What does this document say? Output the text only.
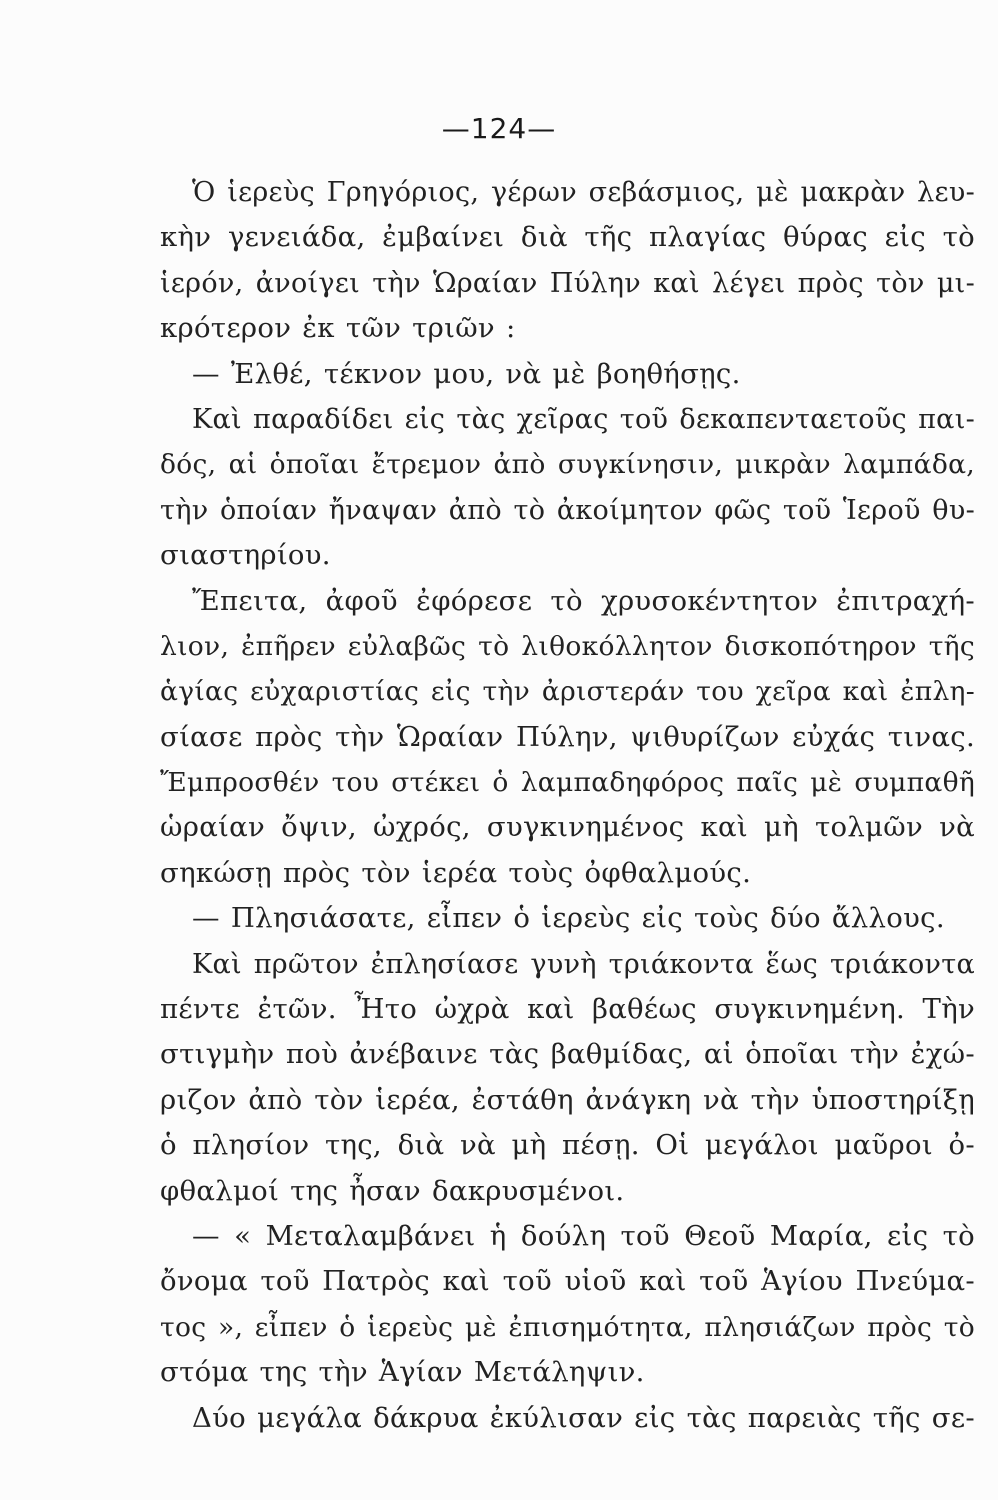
—124—
Ὁ ἱερεὺς Γρηγόριος, γέρων σεβάσμιος, μὲ μακρὰν λευ-
κὴν γενειάδα, ἐμβαίνει διὰ τῆς πλαγίας θύρας εἰς τὸ
ἱερόν, ἀνοίγει τὴν Ὡραίαν Πύλην καὶ λέγει πρὸς τὸν μι-
κρότερον ἐκ τῶν τριῶν :
— Ἐλθέ, τέκνον μου, νὰ μὲ βοηθήσῃς.
Καὶ παραδίδει εἰς τὰς χεῖρας τοῦ δεκαπενταετοῦς παι-
δός, αἱ ὁποῖαι ἔτρεμον ἀπὸ συγκίνησιν, μικρὰν λαμπάδα,
τὴν ὁποίαν ἤναψαν ἀπὸ τὸ ἀκοίμητον φῶς τοῦ Ἱεροῦ θυ-
σιαστηρίου.
Ἔπειτα, ἀφοῦ ἐφόρεσε τὸ χρυσοκέντητον ἐπιτραχή-
λιον, ἐπῆρεν εὐλαβῶς τὸ λιθοκόλλητον δισκοπότηρον τῆς
ἁγίας εὐχαριστίας εἰς τὴν ἀριστεράν του χεῖρα καὶ ἐπλη-
σίασε πρὸς τὴν Ὡραίαν Πύλην, ψιθυρίζων εὐχάς τινας.
Ἔμπροσθέν του στέκει ὁ λαμπαδηφόρος παῖς μὲ συμπαθῆ
ὡραίαν ὄψιν, ὠχρός, συγκινημένος καὶ μὴ τολμῶν νὰ
σηκώσῃ πρὸς τὸν ἱερέα τοὺς ὀφθαλμούς.
— Πλησιάσατε, εἶπεν ὁ ἱερεὺς εἰς τοὺς δύο ἄλλους.
Καὶ πρῶτον ἐπλησίασε γυνὴ τριάκοντα ἕως τριάκοντα
πέντε ἐτῶν. Ἦτο ὠχρὰ καὶ βαθέως συγκινημένη. Τὴν
στιγμὴν ποὺ ἀνέβαινε τὰς βαθμίδας, αἱ ὁποῖαι τὴν ἐχώ-
ριζον ἀπὸ τὸν ἱερέα, ἐστάθη ἀνάγκη νὰ τὴν ὑποστηρίξῃ
ὁ πλησίον της, διὰ νὰ μὴ πέσῃ. Οἱ μεγάλοι μαῦροι ὀ-
φθαλμοί της ἦσαν δακρυσμένοι.
— « Μεταλαμβάνει ἡ δούλη τοῦ Θεοῦ Μαρία, εἰς τὸ
ὄνομα τοῦ Πατρὸς καὶ τοῦ υἱοῦ καὶ τοῦ Ἁγίου Πνεύμα-
τος », εἶπεν ὁ ἱερεὺς μὲ ἐπισημότητα, πλησιάζων πρὸς τὸ
στόμα της τὴν Ἁγίαν Μετάληψιν.
Δύο μεγάλα δάκρυα ἐκύλισαν εἰς τὰς παρειὰς τῆς σε-
